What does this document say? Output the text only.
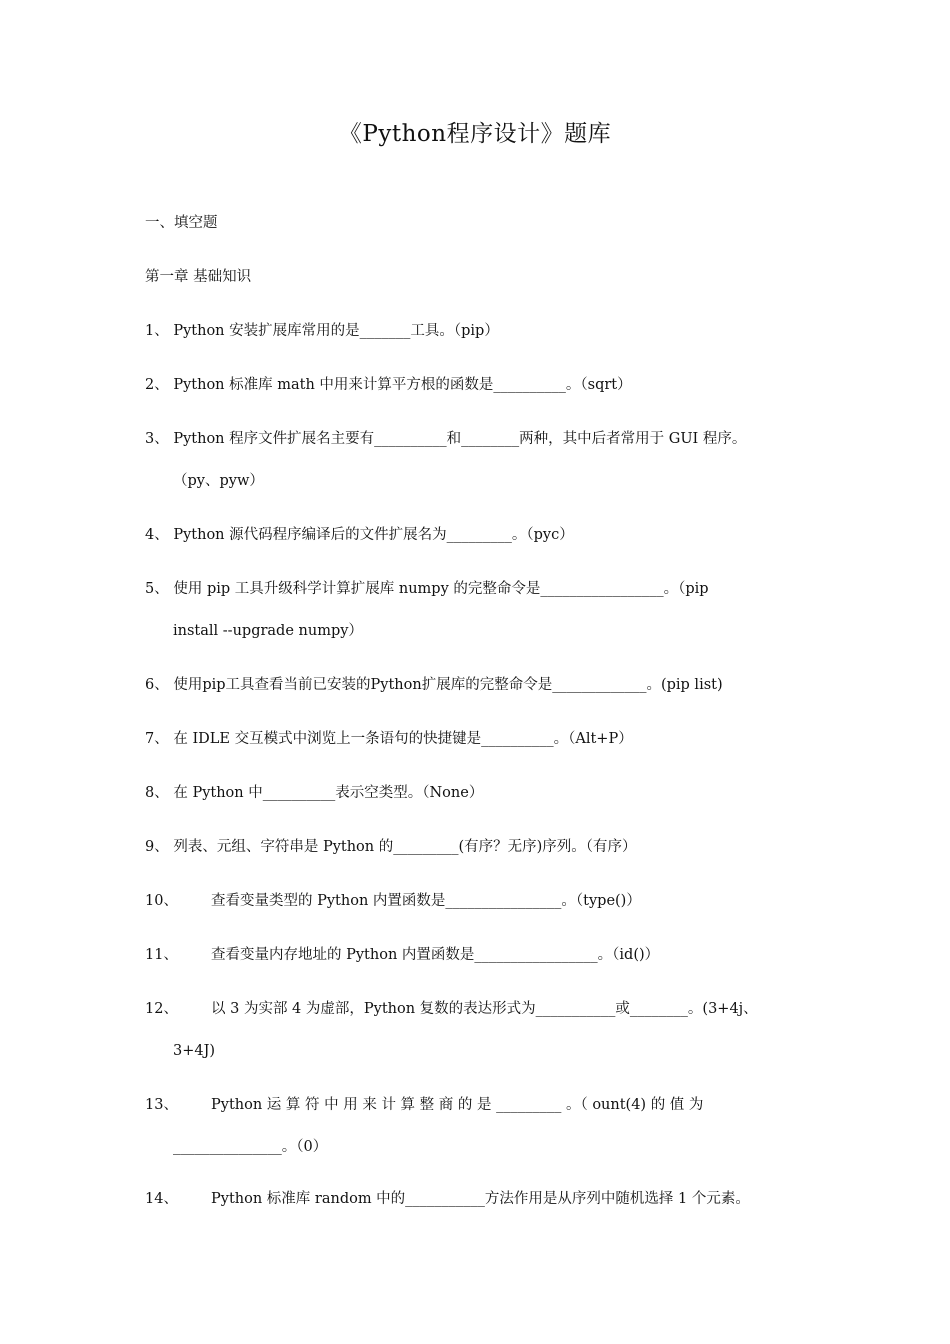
《Python程序设计》题库
一、填空题
第一章 基础知识
1、 Python 安装扩展库常用的是_______工具。（pip）
2、 Python 标准库 math 中用来计算平方根的函数是__________。（sqrt）
3、 Python 程序文件扩展名主要有__________和________两种，其中后者常用于 GUI 程序。
（py、pyw）
4、 Python 源代码程序编译后的文件扩展名为_________。（pyc）
5、 使用 pip 工具升级科学计算扩展库 numpy 的完整命令是_________________。（pip
install --upgrade numpy）
6、 使用pip工具查看当前已安装的Python扩展库的完整命令是_____________。(pip list)
7、 在 IDLE 交互模式中浏览上一条语句的快捷键是__________。（Alt+P）
8、 在 Python 中__________表示空类型。（None）
9、 列表、元组、字符串是 Python 的_________(有序？无序)序列。（有序）
10、 查看变量类型的 Python 内置函数是________________。（type()）
11、 查看变量内存地址的 Python 内置函数是_________________。（id()）
12、 以 3 为实部 4 为虚部，Python 复数的表达形式为___________或________。(3+4j、
3+4J)
13、 Python 运 算 符 中 用 来 计 算 整 商 的 是 _________ 。（ ount(4) 的 值 为
_______________。（0）
14、 Python 标准库 random 中的___________方法作用是从序列中随机选择 1 个元素。
